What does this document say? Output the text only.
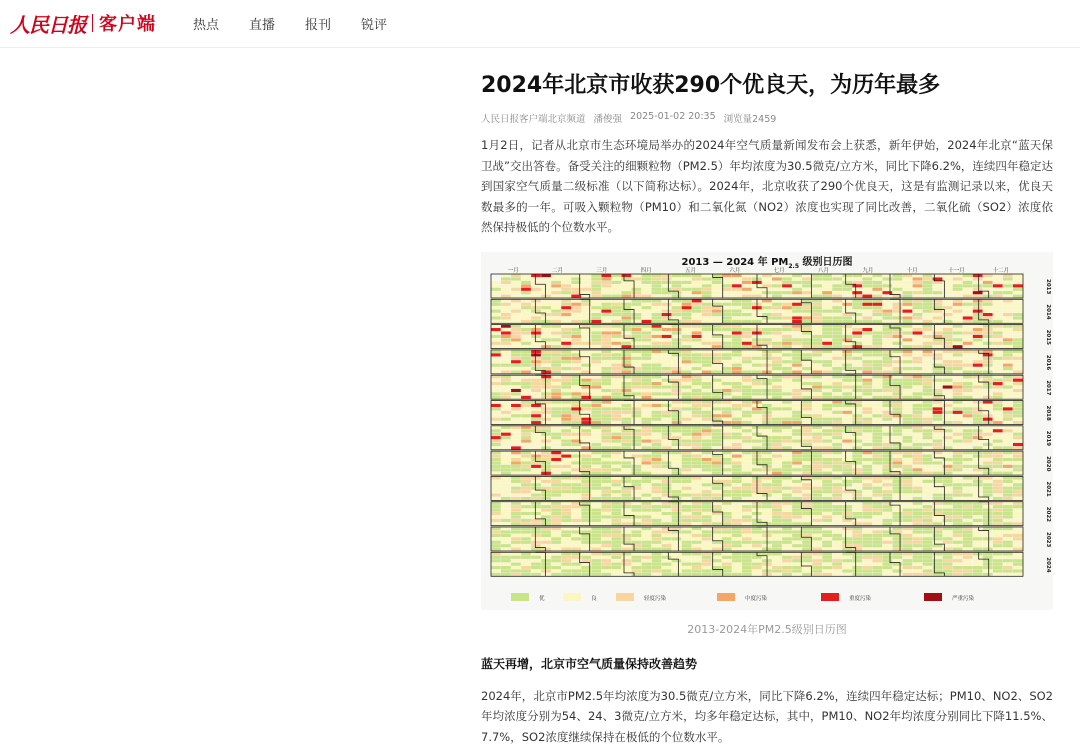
人民日报 客户端	热点 直播 报刊 锐评
2024年北京市收获290个优良天，为历年最多
人民日报客户端北京频道 潘俊强 2025-01-02 20:35 浏览量2459

1月2日，记者从北京市生态环境局举办的2024年空气质量新闻发布会上获悉，新年伊始，2024年北京“蓝天保卫战”交出答卷。备受关注的细颗粒物（PM2.5）年均浓度为30.5微克/立方米，同比下降6.2%，连续四年稳定达到国家空气质量二级标准（以下简称达标）。2024年，北京收获了290个优良天，这是有监测记录以来，优良天数最多的一年。可吸入颗粒物（PM10）和二氧化氮（NO2）浓度也实现了同比改善，二氧化硫（SO2）浓度依然保持极低的个位数水平。

2013 — 2024 年 $PM_{2.5}$ 级别日历图
一月	二月	三月	四月	五月	六月	七月	八月	九月	十月	十一月	十二月
2013
2014
2015
2016
2017
2018
2019
2020
2021
2022
2023
2024
优	良	轻度污染	中度污染	重度污染	严重污染
2013-2024年PM2.5级别日历图
蓝天再增，北京市空气质量保持改善趋势

2024年，北京市PM2.5年均浓度为30.5微克/立方米，同比下降6.2%，连续四年稳定达标；PM10、NO2、SO2年均浓度分别为54、24、3微克/立方米，均多年稳定达标，其中，PM10、NO2年均浓度分别同比下降11.5%、7.7%，SO2浓度继续保持在极低的个位数水平。
